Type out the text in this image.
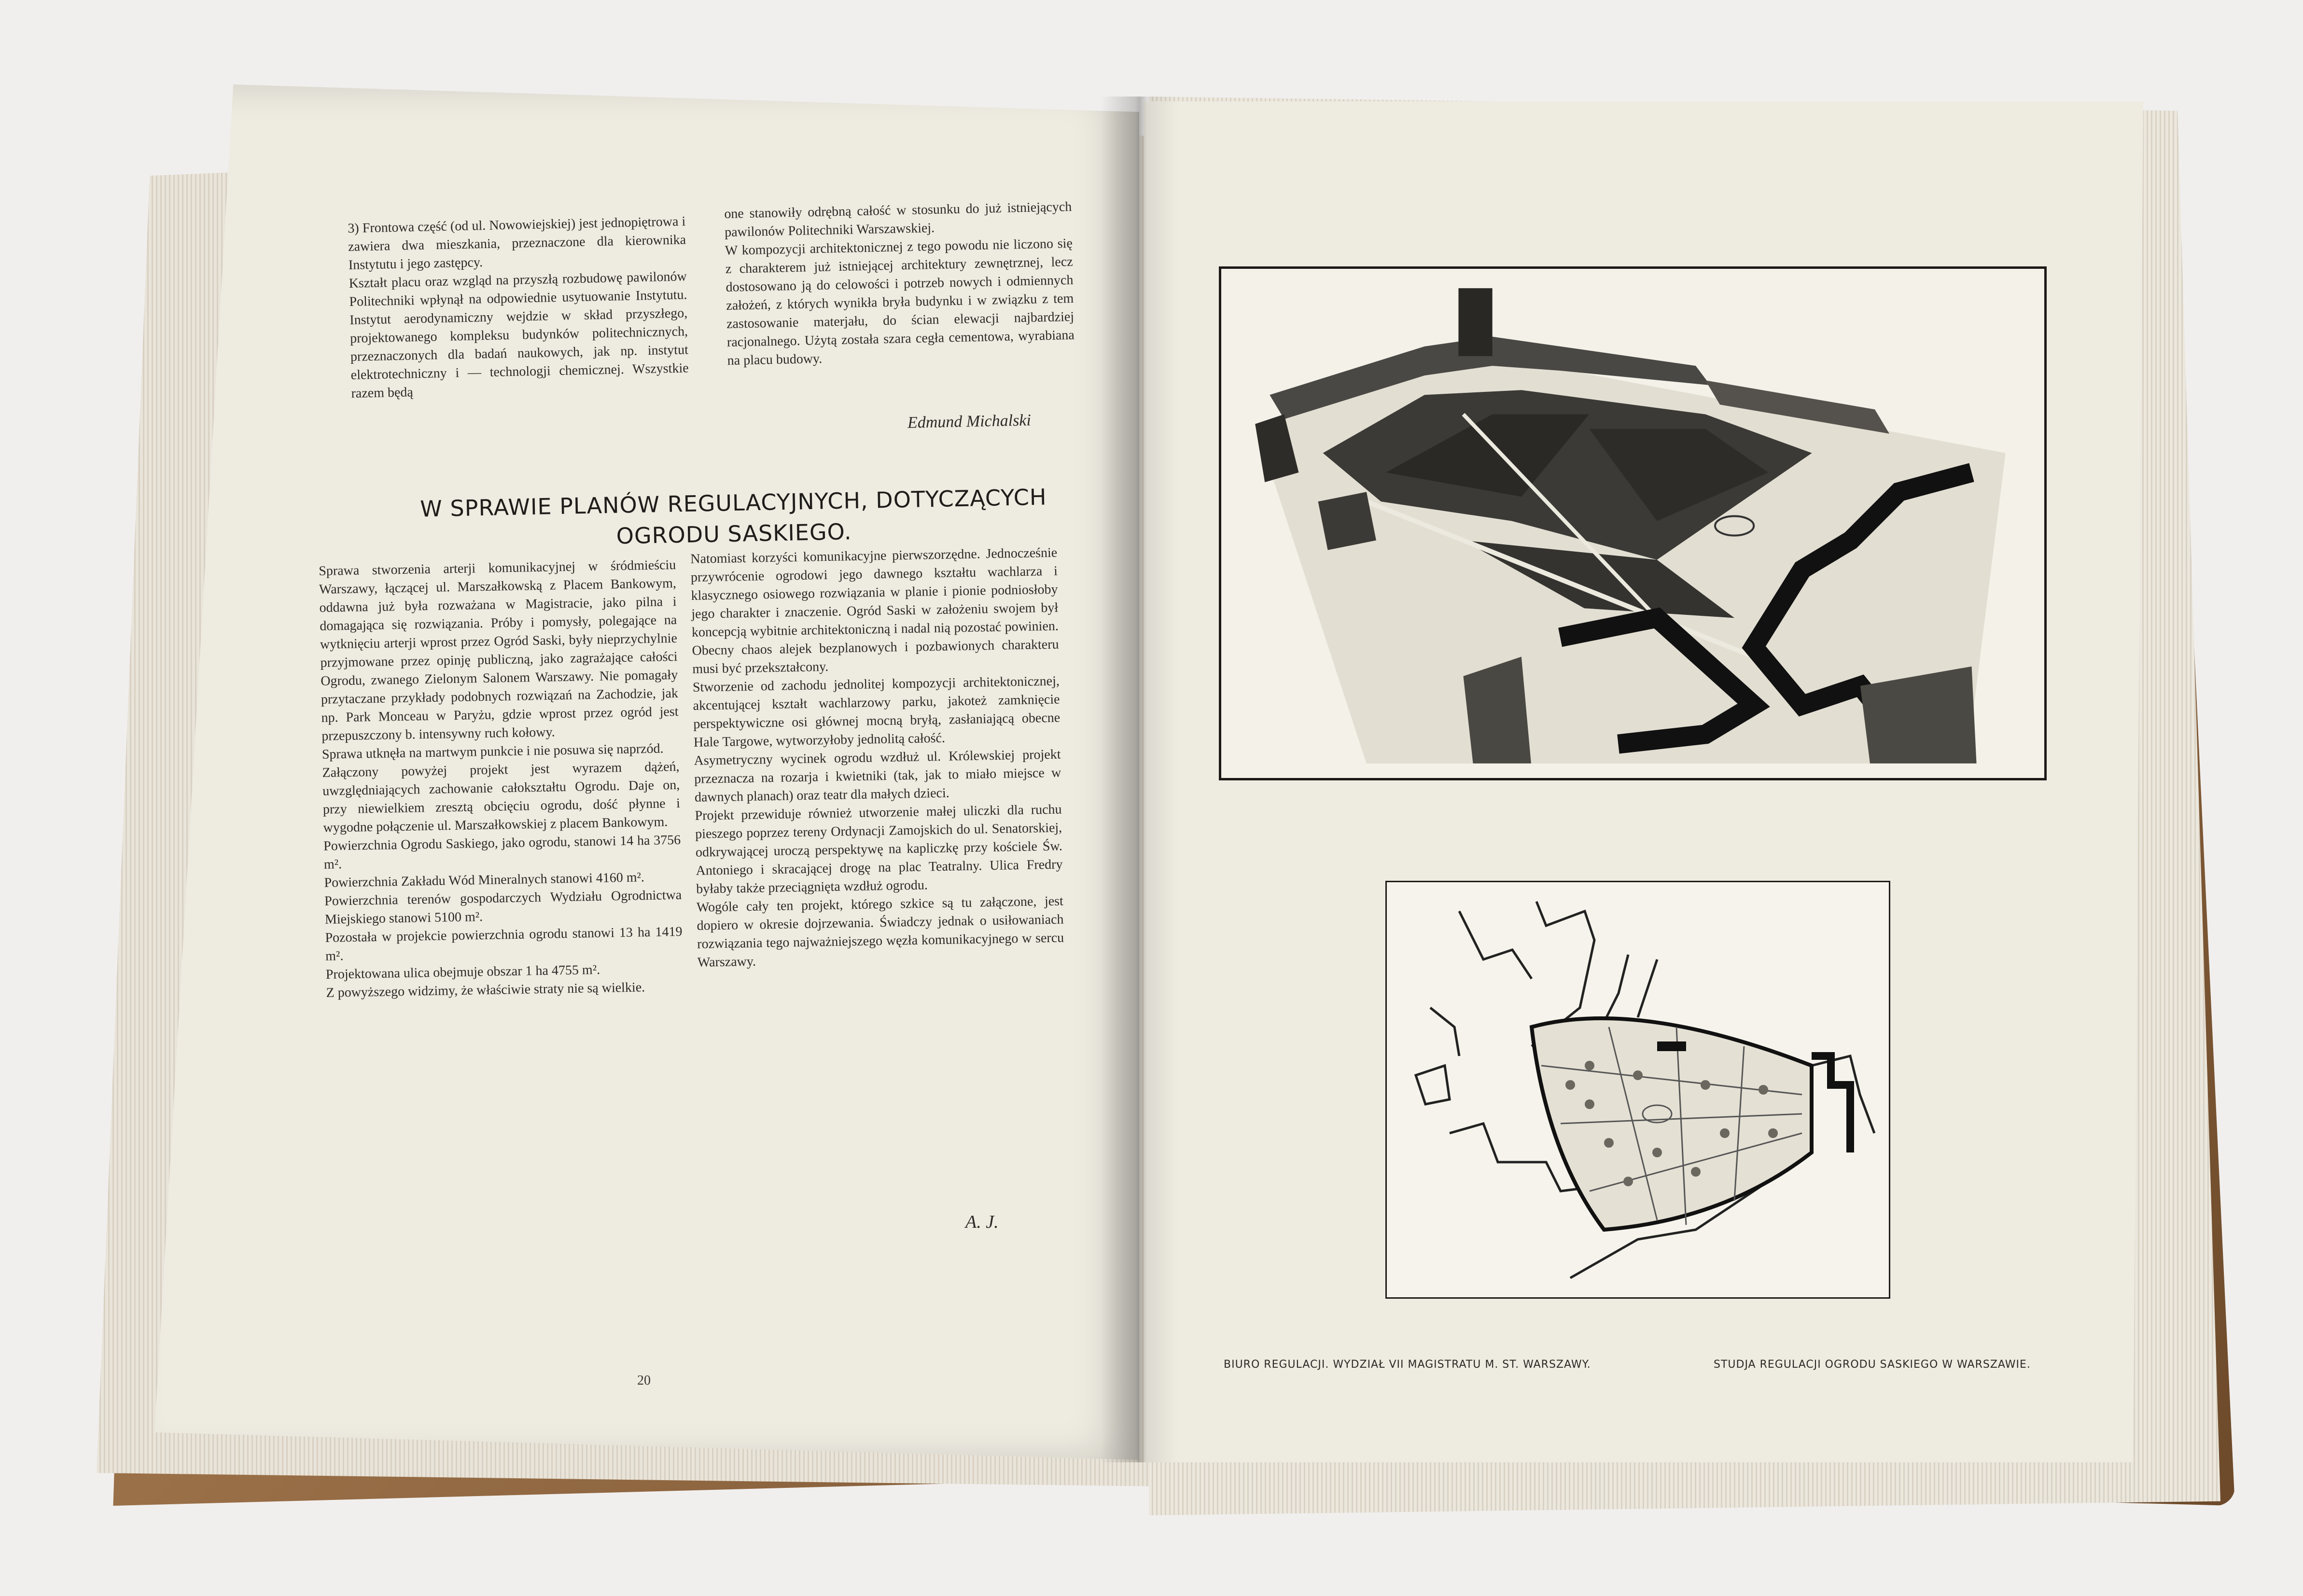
3) Frontowa część (od ul. Nowowiejskiej) jest jednopiętrowa i zawiera dwa mieszkania, przeznaczone dla kierownika Instytutu i jego zastępcy.
Kształt placu oraz wzgląd na przyszłą rozbudowę pawilonów Politechniki wpłynął na odpowiednie usytuowanie Instytutu. Instytut aerodynamiczny wejdzie w skład przyszłego, projektowanego kompleksu budynków politechnicznych, przeznaczonych dla badań naukowych, jak np. instytut elektrotechniczny i — technologji chemicznej. Wszystkie razem będą
one stanowiły odrębną całość w stosunku do już istniejących pawilonów Politechniki Warszawskiej.
W kompozycji architektonicznej z tego powodu nie liczono się z charakterem już istniejącej architektury zewnętrznej, lecz dostosowano ją do celowości i potrzeb nowych i odmiennych założeń, z których wynikła bryła budynku i w związku z tem zastosowanie materjału, do ścian elewacji najbardziej racjonalnego. Użytą została szara cegła cementowa, wyrabiana na placu budowy.
Edmund Michalski
W SPRAWIE PLANÓW REGULACYJNYCH, DOTYCZĄCYCH OGRODU SASKIEGO.
Sprawa stworzenia arterji komunikacyjnej w śródmieściu Warszawy, łączącej ul. Marszałkowską z Placem Bankowym, oddawna już była rozważana w Magistracie, jako pilna i domagająca się rozwiązania. Próby i pomysły, polegające na wytknięciu arterji wprost przez Ogród Saski, były nieprzychylnie przyjmowane przez opinję publiczną, jako zagrażające całości Ogrodu, zwanego Zielonym Salonem Warszawy. Nie pomagały przytaczane przykłady podobnych rozwiązań na Zachodzie, jak np. Park Monceau w Paryżu, gdzie wprost przez ogród jest przepuszczony b. intensywny ruch kołowy.
Sprawa utknęła na martwym punkcie i nie posuwa się naprzód.
Załączony powyżej projekt jest wyrazem dążeń, uwzględniających zachowanie całokształtu Ogrodu. Daje on, przy niewielkiem zresztą obcięciu ogrodu, dość płynne i wygodne połączenie ul. Marszałkowskiej z placem Bankowym.
Powierzchnia Ogrodu Saskiego, jako ogrodu, stanowi 14 ha 3756 m².
Powierzchnia Zakładu Wód Mineralnych stanowi 4160 m².
Powierzchnia terenów gospodarczych Wydziału Ogrodnictwa Miejskiego stanowi 5100 m².
Pozostała w projekcie powierzchnia ogrodu stanowi 13 ha 1419 m².
Projektowana ulica obejmuje obszar 1 ha 4755 m².
Z powyższego widzimy, że właściwie straty nie są wielkie.
Natomiast korzyści komunikacyjne pierwszorzędne. Jednocześnie przywrócenie ogrodowi jego dawnego kształtu wachlarza i klasycznego osiowego rozwiązania w planie i pionie podniosłoby jego charakter i znaczenie. Ogród Saski w założeniu swojem był koncepcją wybitnie architektoniczną i nadal nią pozostać powinien. Obecny chaos alejek bezplanowych i pozbawionych charakteru musi być przekształcony.
Stworzenie od zachodu jednolitej kompozycji architektonicznej, akcentującej kształt wachlarzowy parku, jakoteż zamknięcie perspektywiczne osi głównej mocną bryłą, zasłaniającą obecne Hale Targowe, wytworzyłoby jednolitą całość.
Asymetryczny wycinek ogrodu wzdłuż ul. Królewskiej projekt przeznacza na rozarja i kwietniki (tak, jak to miało miejsce w dawnych planach) oraz teatr dla małych dzieci.
Projekt przewiduje również utworzenie małej uliczki dla ruchu pieszego poprzez tereny Ordynacji Zamojskich do ul. Senatorskiej, odkrywającej uroczą perspektywę na kapliczkę przy kościele Św. Antoniego i skracającej drogę na plac Teatralny. Ulica Fredry byłaby także przeciągnięta wzdłuż ogrodu.
Wogóle cały ten projekt, którego szkice są tu załączone, jest dopiero w okresie dojrzewania. Świadczy jednak o usiłowaniach rozwiązania tego najważniejszego węzła komunikacyjnego w sercu Warszawy.
A. J.
20
BIURO REGULACJI. WYDZIAŁ VII MAGISTRATU M. ST. WARSZAWY.	STUDJA REGULACJI OGRODU SASKIEGO W WARSZAWIE.
